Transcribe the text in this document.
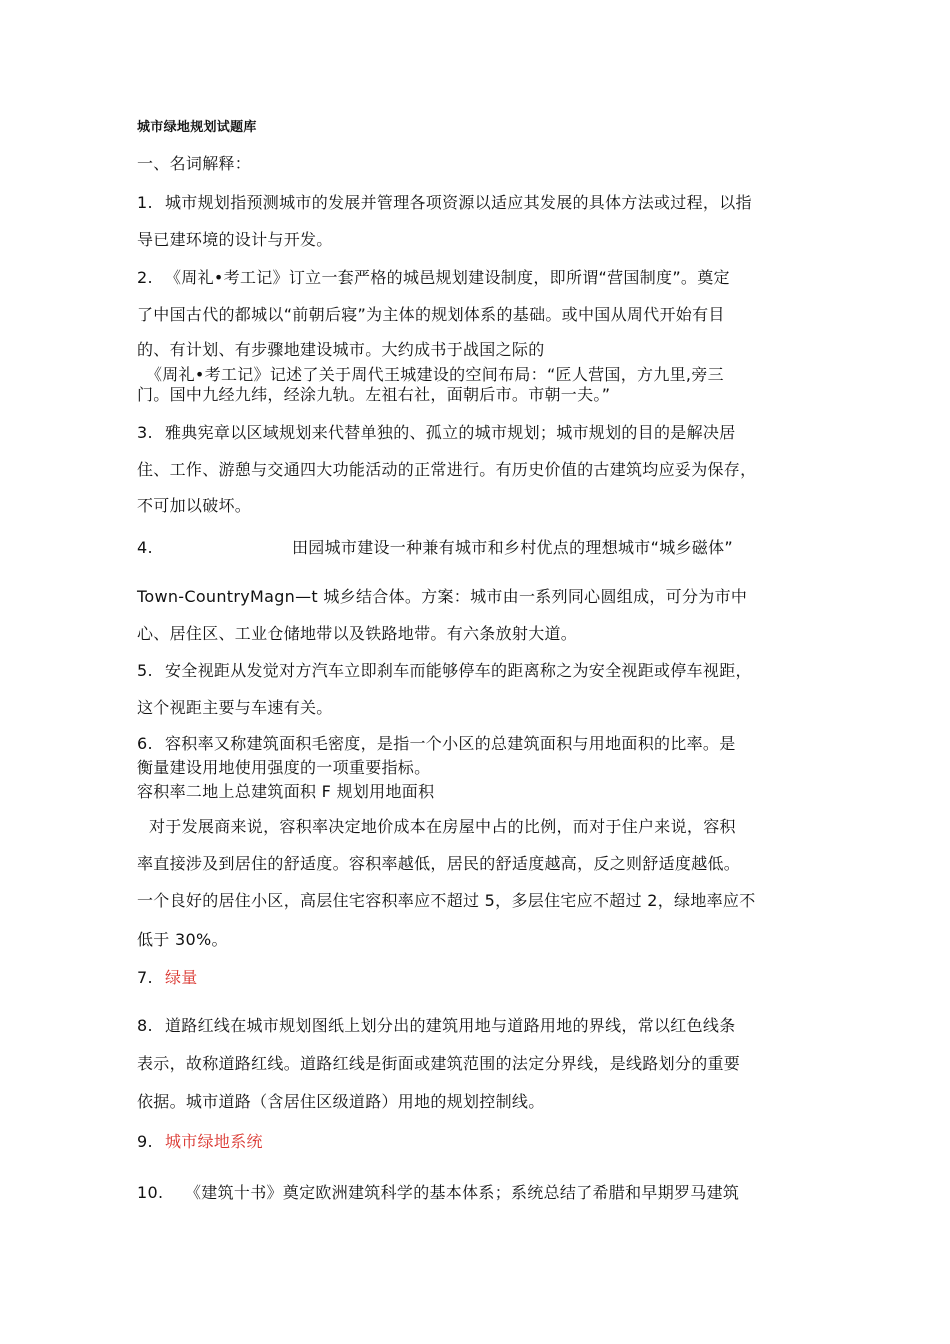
城市绿地规划试题库
一、名词解释：
1. 城市规划指预测城市的发展并管理各项资源以适应其发展的具体方法或过程，以指
导已建环境的设计与开发。
2. 《周礼•考工记》订立一套严格的城邑规划建设制度，即所谓“营国制度”。奠定
了中国古代的都城以“前朝后寝”为主体的规划体系的基础。或中国从周代开始有目
的、有计划、有步骤地建设城市。大约成书于战国之际的
《周礼•考工记》记述了关于周代王城建设的空间布局：“匠人营国，方九里,旁三
门。国中九经九纬，经涂九轨。左祖右社，面朝后市。市朝一夫。”
3. 雅典宪章以区域规划来代替单独的、孤立的城市规划；城市规划的目的是解决居
住、工作、游憩与交通四大功能活动的正常进行。有历史价值的古建筑均应妥为保存，
不可加以破坏。
4.	田园城市建设一种兼有城市和乡村优点的理想城市“城乡磁体”
Town-CountryMagn—t 城乡结合体。方案：城市由一系列同心圆组成，可分为市中
心、居住区、工业仓储地带以及铁路地带。有六条放射大道。
5. 安全视距从发觉对方汽车立即刹车而能够停车的距离称之为安全视距或停车视距，
这个视距主要与车速有关。
6. 容积率又称建筑面积毛密度，是指一个小区的总建筑面积与用地面积的比率。是
衡量建设用地使用强度的一项重要指标。
容积率二地上总建筑面积 F 规划用地面积
对于发展商来说，容积率决定地价成本在房屋中占的比例，而对于住户来说，容积
率直接涉及到居住的舒适度。容积率越低，居民的舒适度越高，反之则舒适度越低。
一个良好的居住小区，高层住宅容积率应不超过 5，多层住宅应不超过 2，绿地率应不
低于 30%。
7. 绿量
8. 道路红线在城市规划图纸上划分出的建筑用地与道路用地的界线，常以红色线条
表示，故称道路红线。道路红线是街面或建筑范围的法定分界线，是线路划分的重要
依据。城市道路（含居住区级道路）用地的规划控制线。
9. 城市绿地系统
10. 《建筑十书》奠定欧洲建筑科学的基本体系；系统总结了希腊和早期罗马建筑
